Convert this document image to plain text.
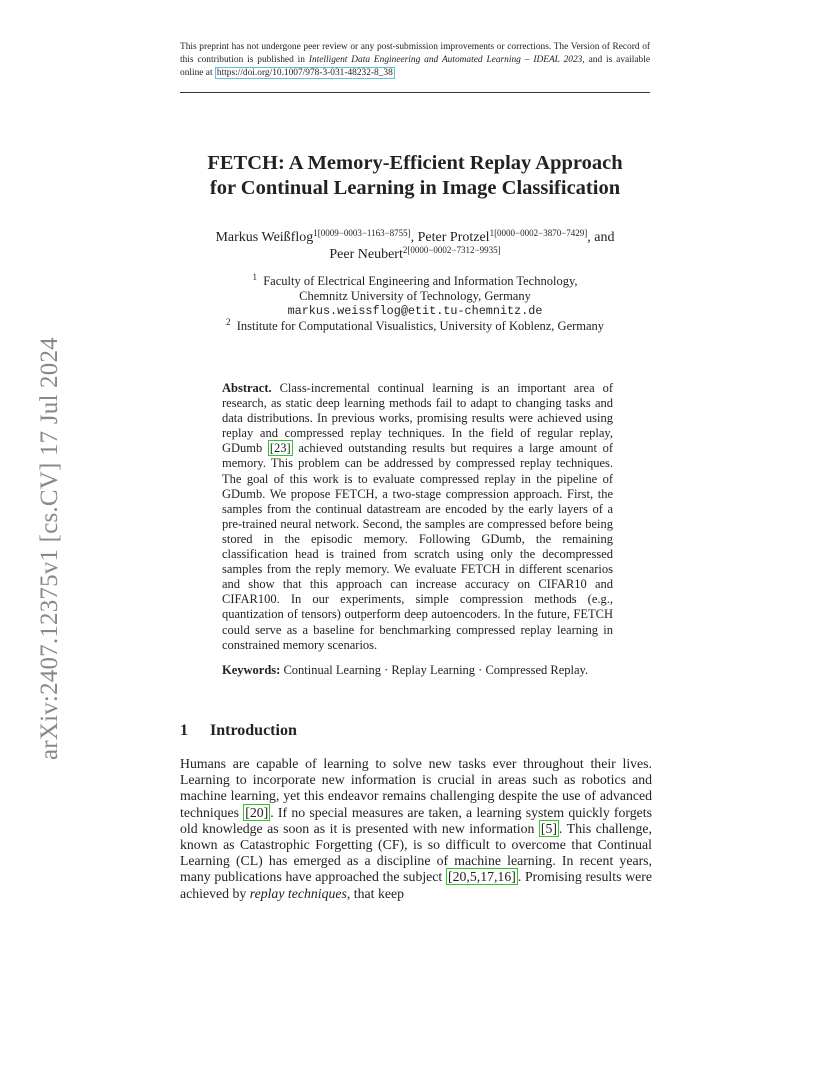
This preprint has not undergone peer review or any post-submission improvements or corrections. The Version of Record of this contribution is published in Intelligent Data Engineering and Automated Learning – IDEAL 2023, and is available online at https://doi.org/10.1007/978-3-031-48232-8_38
FETCH: A Memory-Efficient Replay Approach
for Continual Learning in Image Classification
Markus Weißflog$^{1[0009-0003-1163-8755]}$, Peter Protzel$^{1[0000-0002-3870-7429]}$, and
Peer Neubert$^{2[0000-0002-7312-9935]}$
$^1$ Faculty of Electrical Engineering and Information Technology,
Chemnitz University of Technology, Germany
markus.weissflog@etit.tu-chemnitz.de
$^2$ Institute for Computational Visualistics, University of Koblenz, Germany
Abstract. Class-incremental continual learning is an important area of research, as static deep learning methods fail to adapt to changing tasks and data distributions. In previous works, promising results were achieved using replay and compressed replay techniques. In the field of regular replay, GDumb [23] achieved outstanding results but requires a large amount of memory. This problem can be addressed by compressed replay techniques. The goal of this work is to evaluate compressed replay in the pipeline of GDumb. We propose FETCH, a two-stage compression approach. First, the samples from the continual datastream are encoded by the early layers of a pre-trained neural network. Second, the samples are compressed before being stored in the episodic memory. Following GDumb, the remaining classification head is trained from scratch using only the decompressed samples from the reply memory. We evaluate FETCH in different scenarios and show that this approach can increase accuracy on CIFAR10 and CIFAR100. In our experiments, simple compression methods (e.g., quantization of tensors) outperform deep autoencoders. In the future, FETCH could serve as a baseline for benchmarking compressed replay learning in constrained memory scenarios.
Keywords: Continual Learning · Replay Learning · Compressed Replay.
1 Introduction
Humans are capable of learning to solve new tasks ever throughout their lives. Learning to incorporate new information is crucial in areas such as robotics and machine learning, yet this endeavor remains challenging despite the use of advanced techniques [20] . If no special measures are taken, a learning system quickly forgets old knowledge as soon as it is presented with new information [5] . This challenge, known as Catastrophic Forgetting (CF), is so difficult to overcome that Continual Learning (CL) has emerged as a discipline of machine learning. In recent years, many publications have approached the subject [20,5,17,16] . Promising results were achieved by replay techniques, that keep
arXiv:2407.12375v1 [cs.CV] 17 Jul 2024
